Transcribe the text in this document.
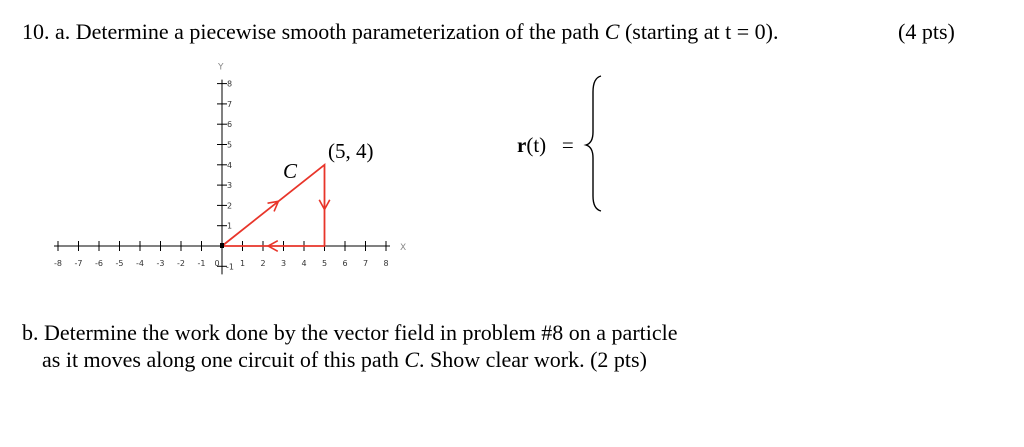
10. a. Determine a piecewise smooth parameterization of the path C (starting at t = 0).	(4 pts)
-8 -7 -6 -5 -4 -3 -2 -1 0	1 2 3 4 5 6 7 8
1
2
3
4
5
6
7
8
-1
X
Y
C
(5, 4)	r(t) =
b. Determine the work done by the vector field in problem #8 on a particle
as it moves along one circuit of this path C. Show clear work. (2 pts)
